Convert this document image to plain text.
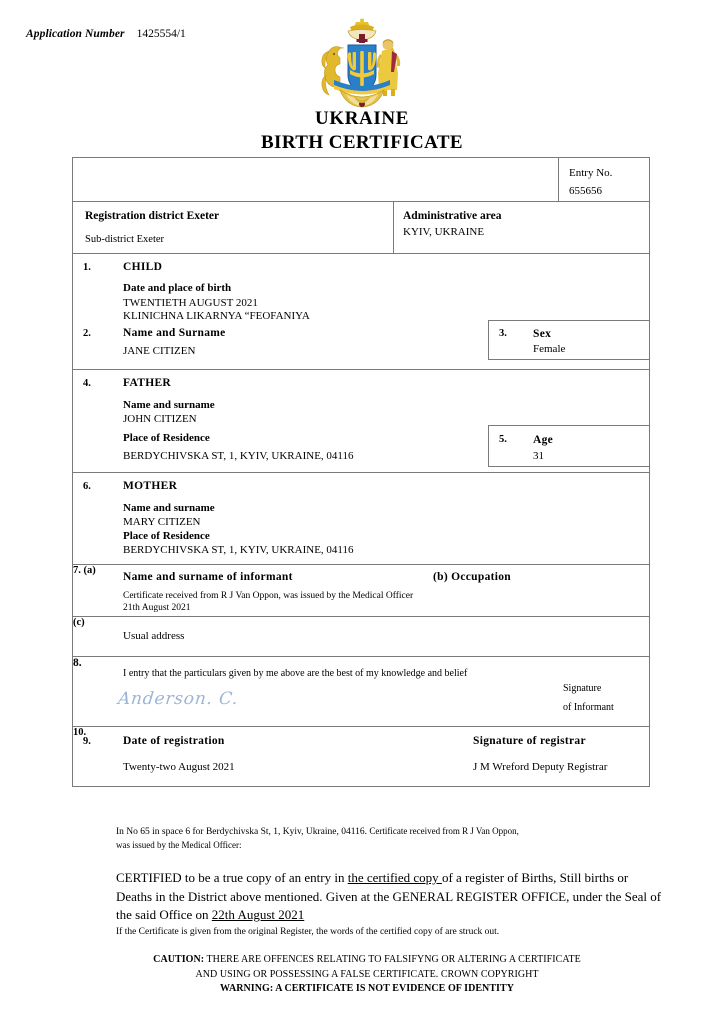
Application Number 1425554/1
UKRAINE
BIRTH CERTIFICATE
Entry No.
655656
Registration district Exeter
Sub-district Exeter
Administrative area
KYIV, UKRAINE
1.	CHILD
Date and place of birth
TWENTIETH AUGUST 2021
KLINICHNA LIKARNYA “FEOFANIYA
2.	Name and Surname
JANE CITIZEN
3. Sex
Female
4.	FATHER
Name and surname
JOHN CITIZEN
Place of Residence
BERDYCHIVSKA ST, 1, KYIV, UKRAINE, 04116
5. Age
31
6.	MOTHER
Name and surname
MARY CITIZEN
Place of Residence
BERDYCHIVSKA ST, 1, KYIV, UKRAINE, 04116
7. (a)
Name and surname of informant	(b) Occupation
Certificate received from R J Van Oppon, was issued by the Medical Officer
21th August 2021
(c)
Usual address
8.
I entry that the particulars given by me above are the best of my knowledge and belief
Anderson. C.
Signature
of Informant
9.	Date of registration
Twenty-two August 2021
10.
Signature of registrar
J M Wreford Deputy Registrar
In No 65 in space 6 for Berdychivska St, 1, Kyiv, Ukraine, 04116. Certificate received from R J Van Oppon,
was issued by the Medical Officer:
CERTIFIED to be a true copy of an entry in the certified copy of a register of Births, Still births or Deaths in the District above mentioned. Given at the GENERAL REGISTER OFFICE, under the Seal of the said Office on 22th August 2021
If the Certificate is given from the original Register, the words of the certified copy of are struck out.
CAUTION: THERE ARE OFFENCES RELATING TO FALSIFYNG OR ALTERING A CERTIFICATE
AND USING OR POSSESSING A FALSE CERTIFICATE. CROWN COPYRIGHT
WARNING: A CERTIFICATE IS NOT EVIDENCE OF IDENTITY
